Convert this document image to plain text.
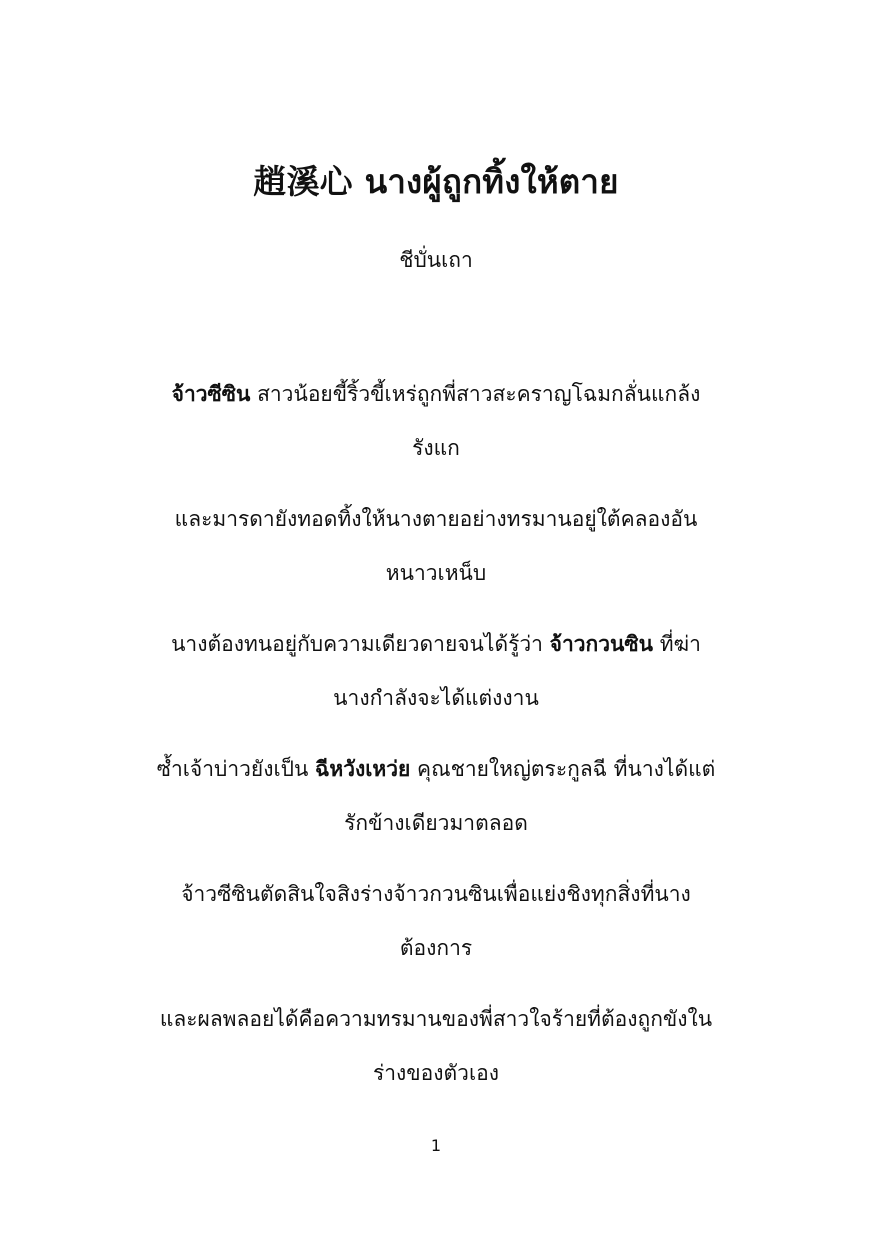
趙溪心 นางผู้ถูกทิ้งให้ตาย
ชีบั่นเถา

จ้าวซีซิน สาวน้อยขี้ริ้วขี้เหร่ถูกพี่สาวสะคราญโฉมกลั่นแกล้ง
รังแก

และมารดายังทอดทิ้งให้นางตายอย่างทรมานอยู่ใต้คลองอัน
หนาวเหน็บ

นางต้องทนอยู่กับความเดียวดายจนได้รู้ว่า จ้าวกวนซิน ที่ฆ่า
นางกำลังจะได้แต่งงาน

ซ้ำเจ้าบ่าวยังเป็น ฉีหวังเหว่ย คุณชายใหญ่ตระกูลฉี ที่นางได้แต่
รักข้างเดียวมาตลอด

จ้าวซีซินตัดสินใจสิงร่างจ้าวกวนซินเพื่อแย่งชิงทุกสิ่งที่นาง
ต้องการ

และผลพลอยได้คือความทรมานของพี่สาวใจร้ายที่ต้องถูกขังใน
ร่างของตัวเอง

1
